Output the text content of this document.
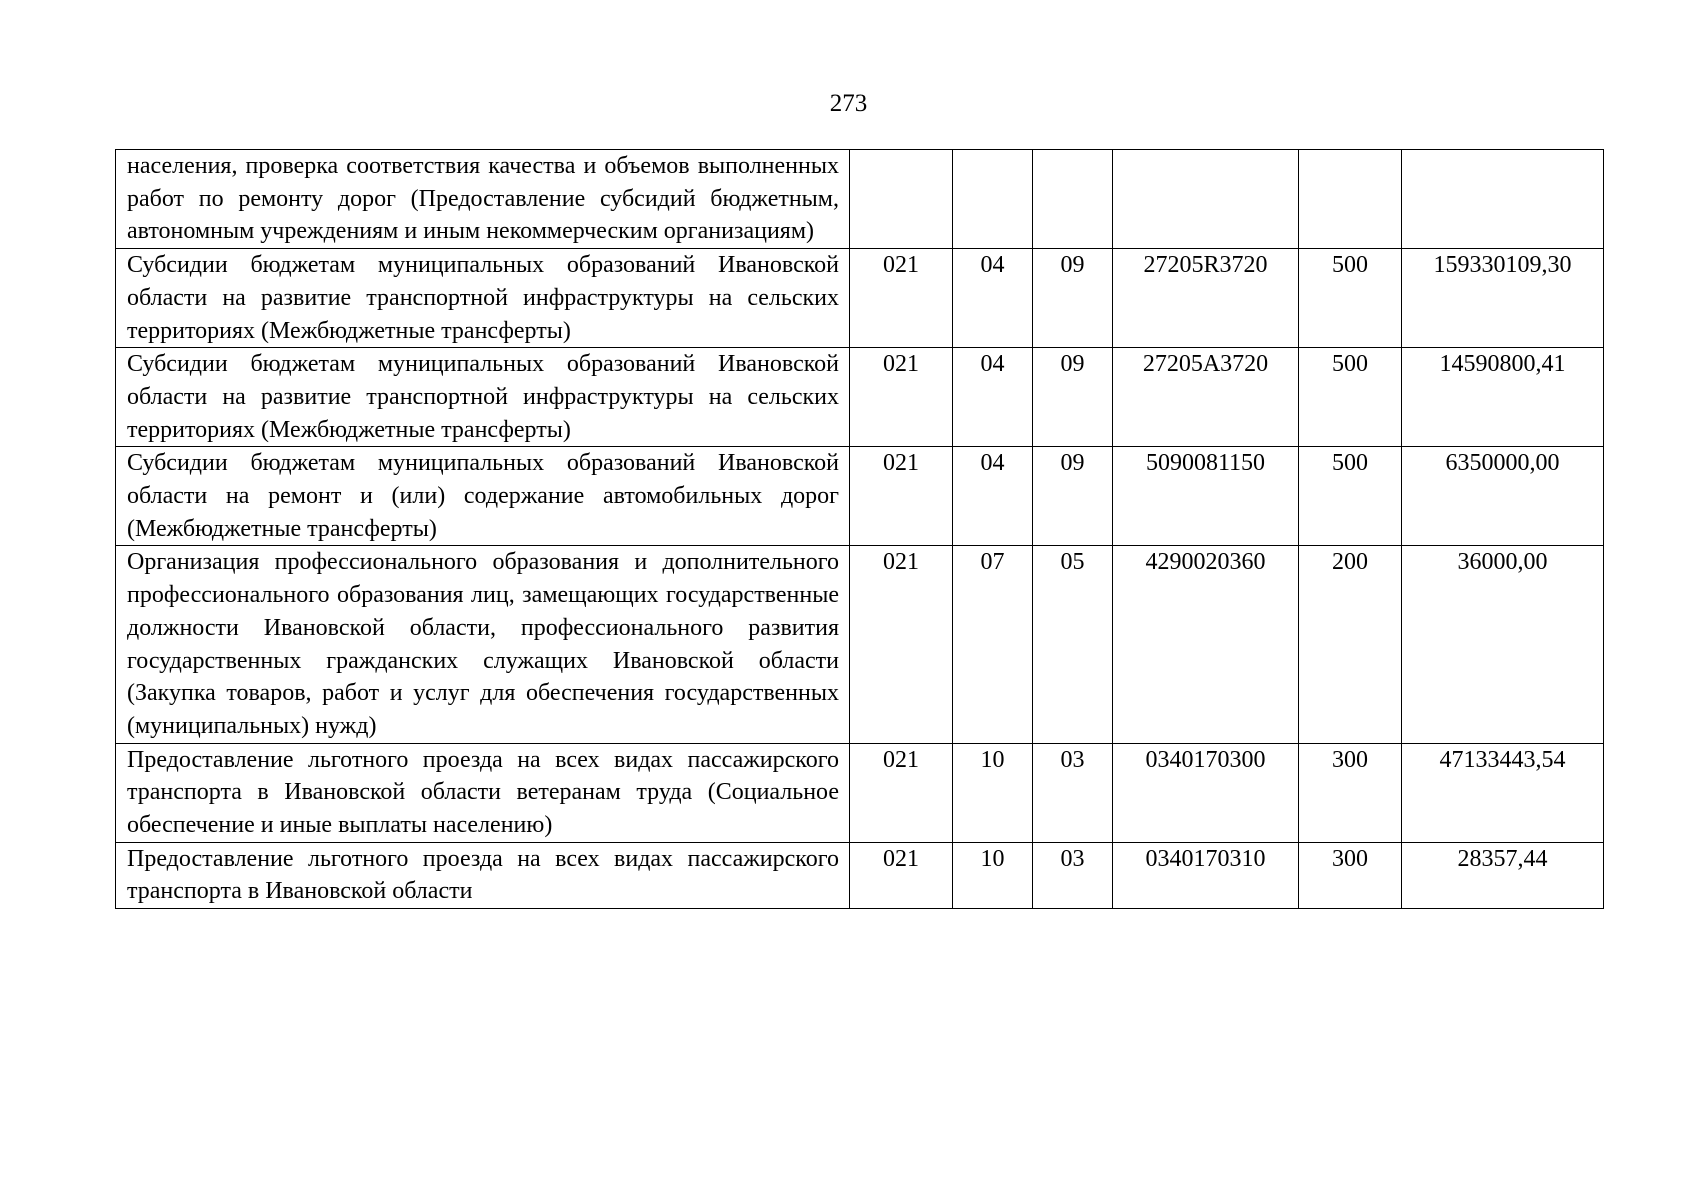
273
населения, проверка соответствия качества и объемов выполненных работ по ремонту дорог (Предоставление субсидий бюджетным, автономным учреждениям и иным некоммерческим организациям)						
Субсидии бюджетам муниципальных образований Ивановской области на развитие транспортной инфраструктуры на сельских территориях (Межбюджетные трансферты)	021	04	09	27205R3720	500	159330109,30
Субсидии бюджетам муниципальных образований Ивановской области на развитие транспортной инфраструктуры на сельских территориях (Межбюджетные трансферты)	021	04	09	27205A3720	500	14590800,41
Субсидии бюджетам муниципальных образований Ивановской области на ремонт и (или) содержание автомобильных дорог (Межбюджетные трансферты)	021	04	09	5090081150	500	6350000,00
Организация профессионального образования и дополнительного профессионального образования лиц, замещающих государственные должности Ивановской области, профессионального развития государственных гражданских служащих Ивановской области (Закупка товаров, работ и услуг для обеспечения государственных (муниципальных) нужд)	021	07	05	4290020360	200	36000,00
Предоставление льготного проезда на всех видах пассажирского транспорта в Ивановской области ветеранам труда (Социальное обеспечение и иные выплаты населению)	021	10	03	0340170300	300	47133443,54
Предоставление льготного проезда на всех видах пассажирского транспорта в Ивановской области	021	10	03	0340170310	300	28357,44
